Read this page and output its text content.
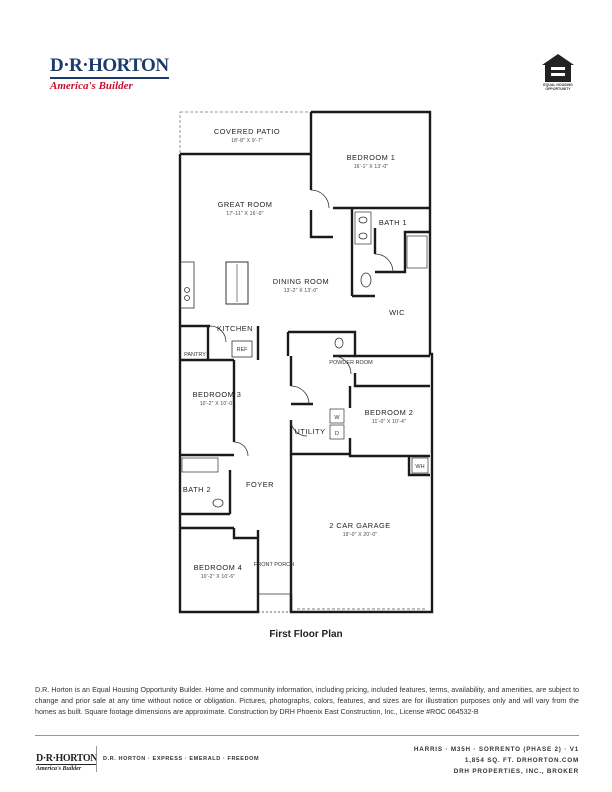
D·R·HORTON
America's Builder	EQUAL HOUSING OPPORTUNITY
COVERED PATIO
18'-8" X 9'-7"
BEDROOM 1
16'-1" X 13'-0"
GREAT ROOM
17'-11" X 16'-0"
BATH 1
DINING ROOM
13'-2" X 13'-0"
WIC
KITCHEN
PANTRY
REF
POWDER ROOM
BEDROOM 3
10'-2" X 10'-0"
BEDROOM 2
11'-0" X 10'-4"
UTILITY
W
D
BATH 2
FOYER
2 CAR GARAGE
19'-0" X 20'-0"
WH
BEDROOM 4
10'-2" X 10'-6"
FRONT PORCH
First Floor Plan
D.R. Horton is an Equal Housing Opportunity Builder. Home and community information, including pricing, included features, terms, availability, and amenities, are subject to change and prior sale at any time without notice or obligation. Pictures, photographs, colors, features, and sizes are for illustration purposes only and will vary from the homes as built. Square footage dimensions are approximate. Construction by DRH Phoenix East Construction, Inc., License #ROC 064532-B
D·R·HORTON
America's Builder
D.R. HORTON · EXPRESS · EMERALD · FREEDOM
HARRIS · M35H · SORRENTO (PHASE 2) · V1
1,854 SQ. FT. DRHORTON.COM
DRH PROPERTIES, INC., BROKER
